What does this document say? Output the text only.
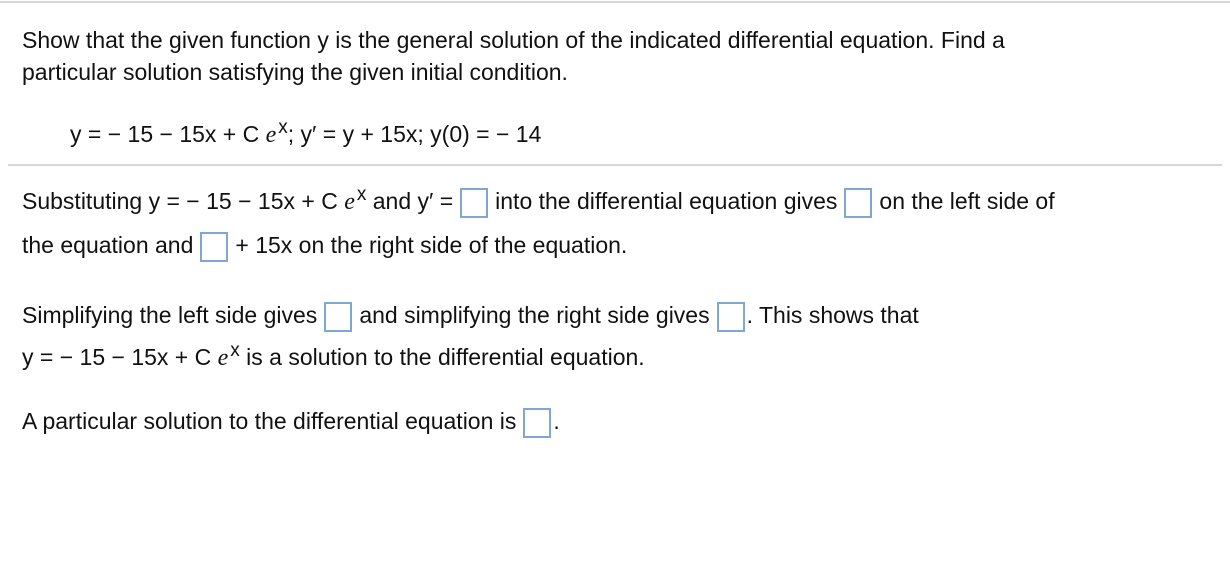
Show that the given function y is the general solution of the indicated differential equation. Find a
particular solution satisfying the given initial condition.
y = − 15 − 15x + C e $^x$; y′ = y + 15x; y(0) = − 14
Substituting y = − 15 − 15x + C e $^x$ and y′ = into the differential equation gives on the left side of
the equation and + 15x on the right side of the equation.
Simplifying the left side gives and simplifying the right side gives . This shows that
y = − 15 − 15x + C e $^x$ is a solution to the differential equation.
A particular solution to the differential equation is .
